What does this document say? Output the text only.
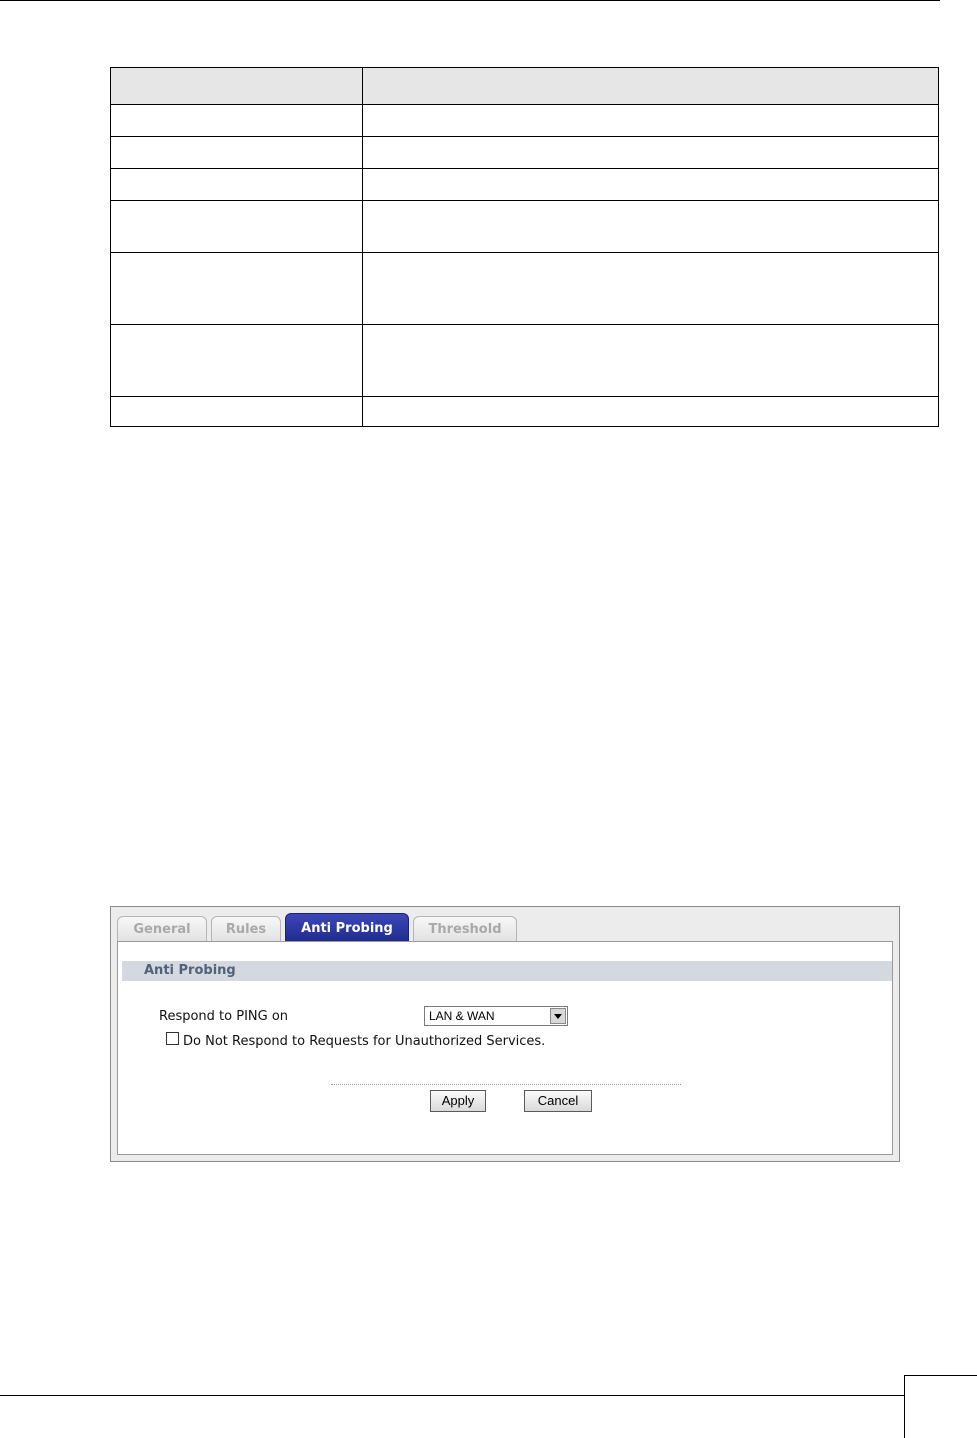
General	Rules	Anti Probing	Threshold
Anti Probing
Respond to PING on	LAN & WAN
Do Not Respond to Requests for Unauthorized Services.
Apply	Cancel
